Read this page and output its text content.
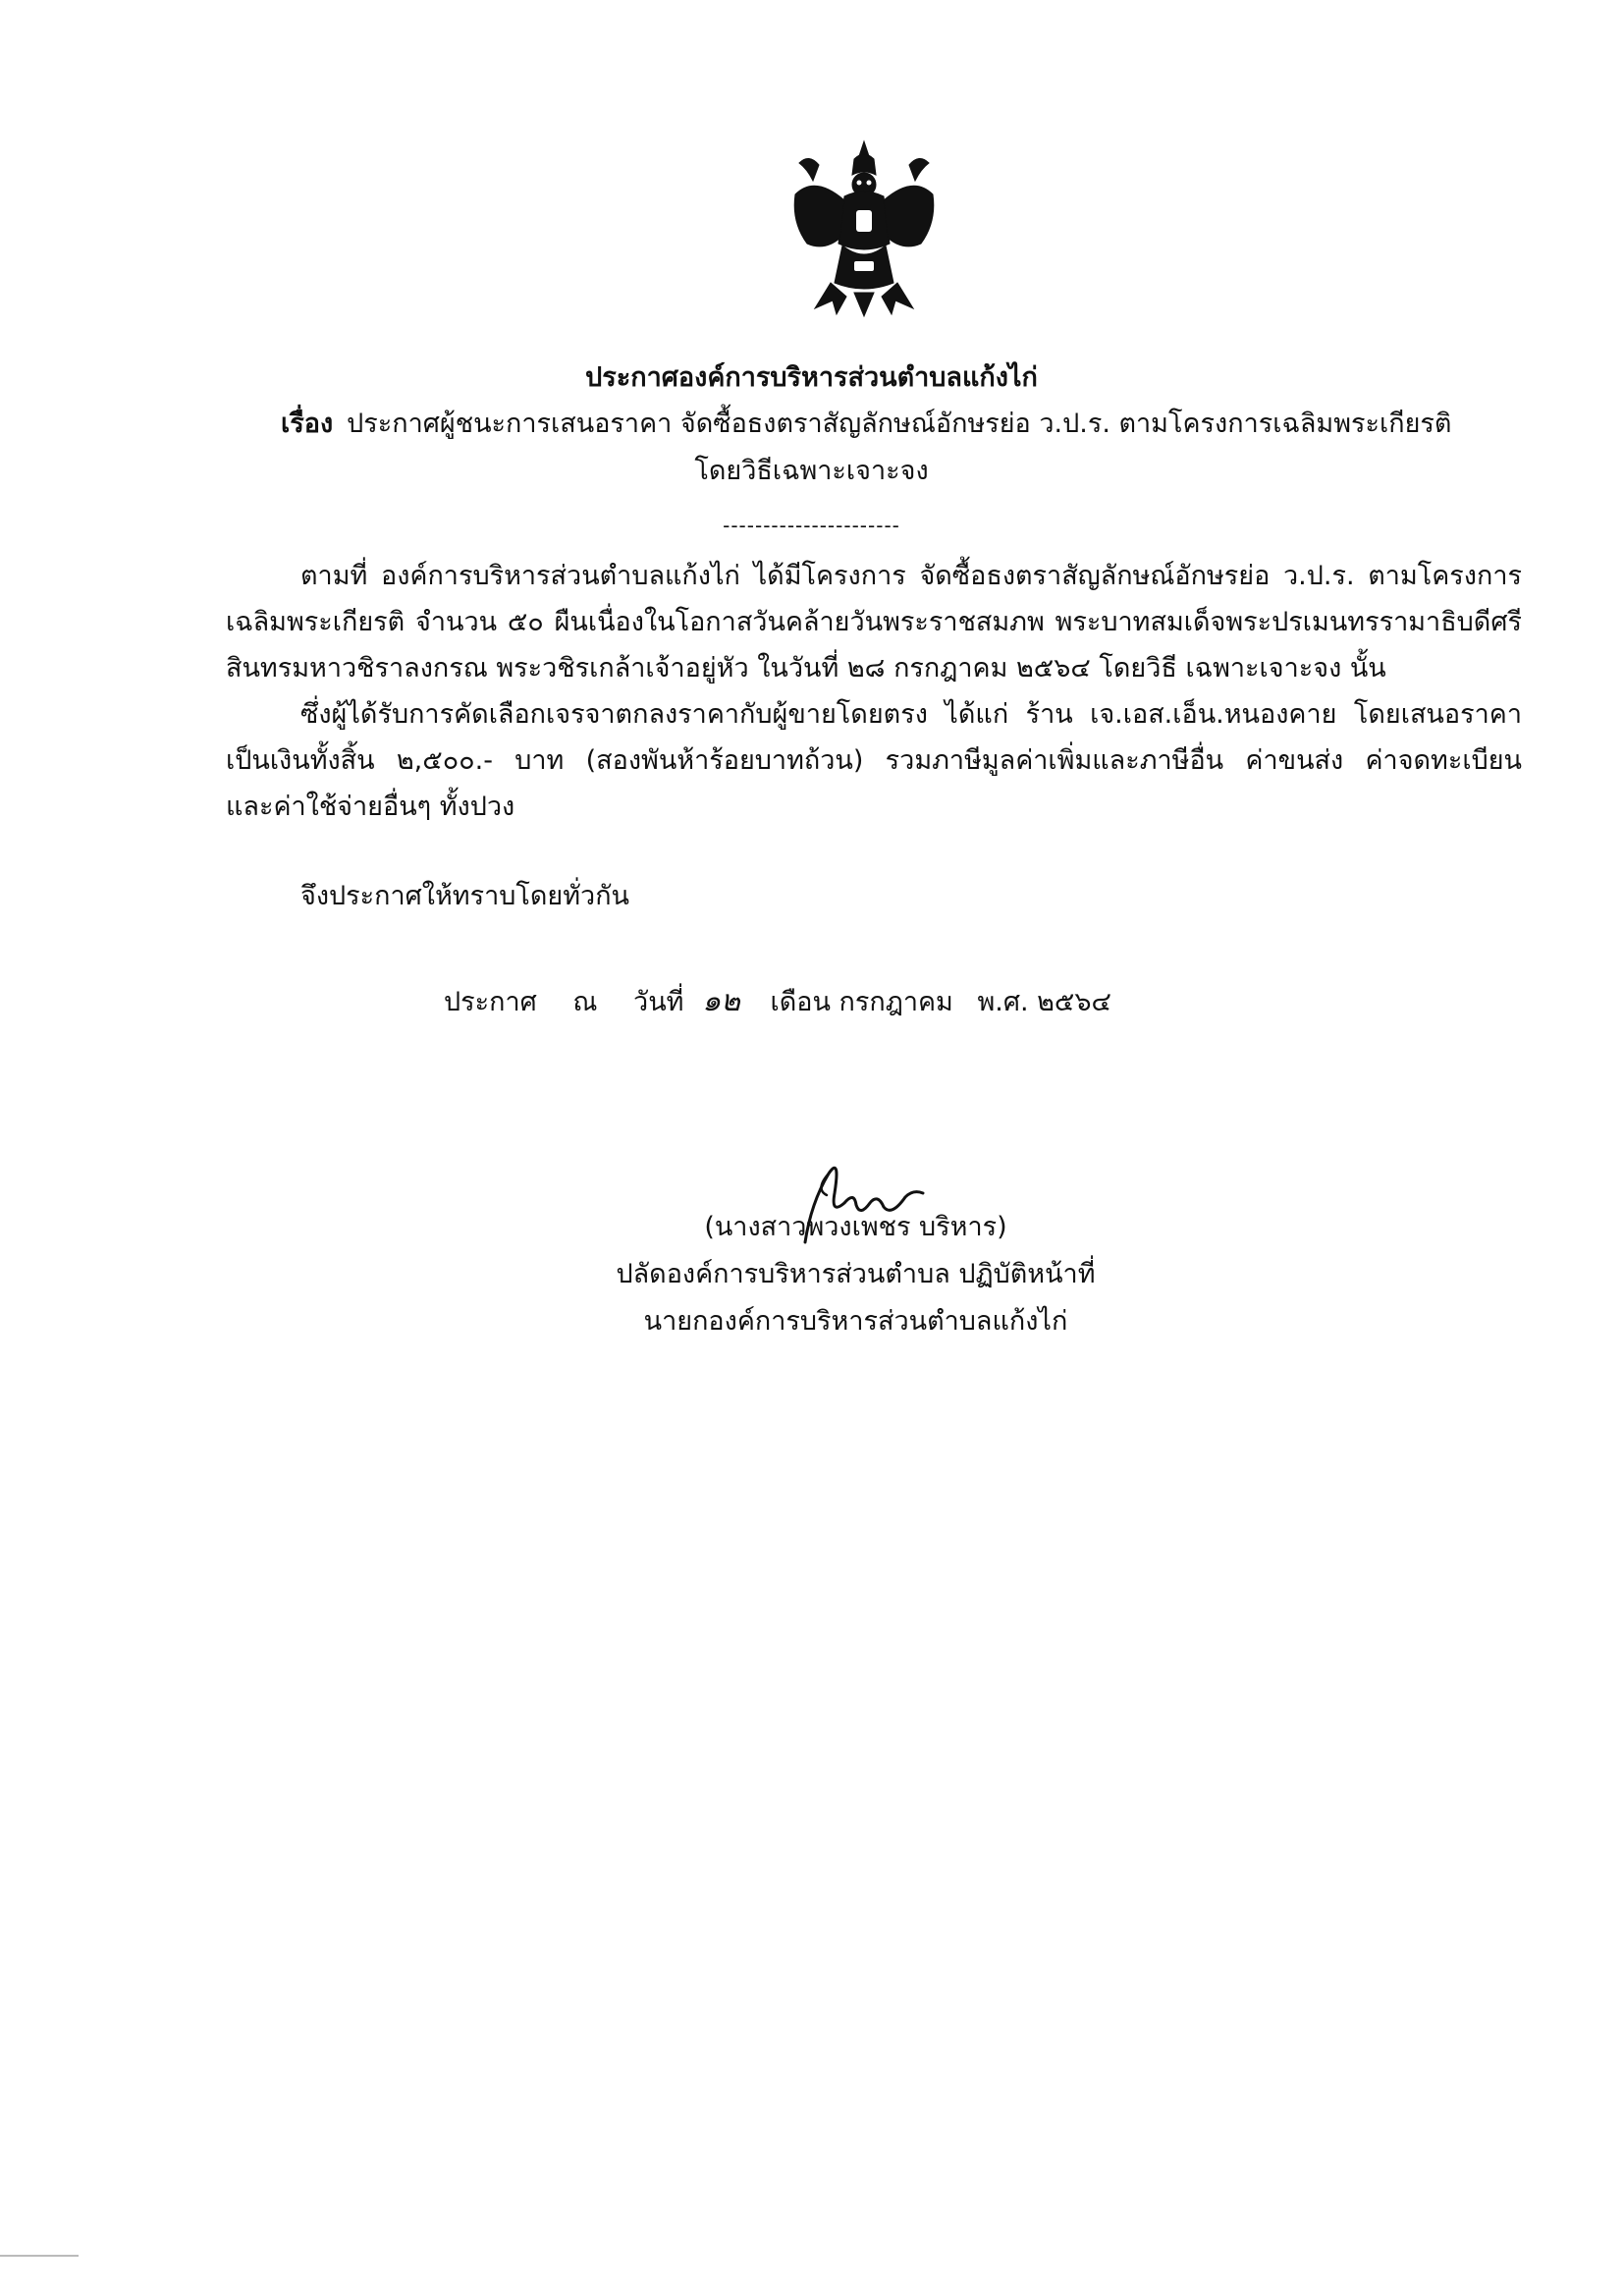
ประกาศองค์การบริหารส่วนตำบลแก้งไก่
เรื่อง ประกาศผู้ชนะการเสนอราคา จัดซื้อธงตราสัญลักษณ์อักษรย่อ ว.ป.ร. ตามโครงการเฉลิมพระเกียรติ
โดยวิธีเฉพาะเจาะจง
----------------------
ตามที่ องค์การบริหารส่วนตำบลแก้งไก่ ได้มีโครงการ จัดซื้อธงตราสัญลักษณ์อักษรย่อ ว.ป.ร. ตามโครงการ
เฉลิมพระเกียรติ จำนวน ๕๐ ผืนเนื่องในโอกาสวันคล้ายวันพระราชสมภพ พระบาทสมเด็จพระปรเมนทรรามาธิบดีศรี
สินทรมหาวชิราลงกรณ พระวชิรเกล้าเจ้าอยู่หัว ในวันที่ ๒๘ กรกฎาคม ๒๕๖๔ โดยวิธี เฉพาะเจาะจง นั้น
ซึ่งผู้ได้รับการคัดเลือกเจรจาตกลงราคากับผู้ขายโดยตรง ได้แก่ ร้าน เจ.เอส.เอ็น.หนองคาย โดยเสนอราคา
เป็นเงินทั้งสิ้น ๒,๕๐๐.- บาท (สองพันห้าร้อยบาทถ้วน) รวมภาษีมูลค่าเพิ่มและภาษีอื่น ค่าขนส่ง ค่าจดทะเบียน
และค่าใช้จ่ายอื่นๆ ทั้งปวง
จึงประกาศให้ทราบโดยทั่วกัน
ประกาศ ณ วันที่ ๑๒ เดือน กรกฎาคม พ.ศ. ๒๕๖๔
(นางสาวพวงเพชร บริหาร)
ปลัดองค์การบริหารส่วนตำบล ปฏิบัติหน้าที่
นายกองค์การบริหารส่วนตำบลแก้งไก่
